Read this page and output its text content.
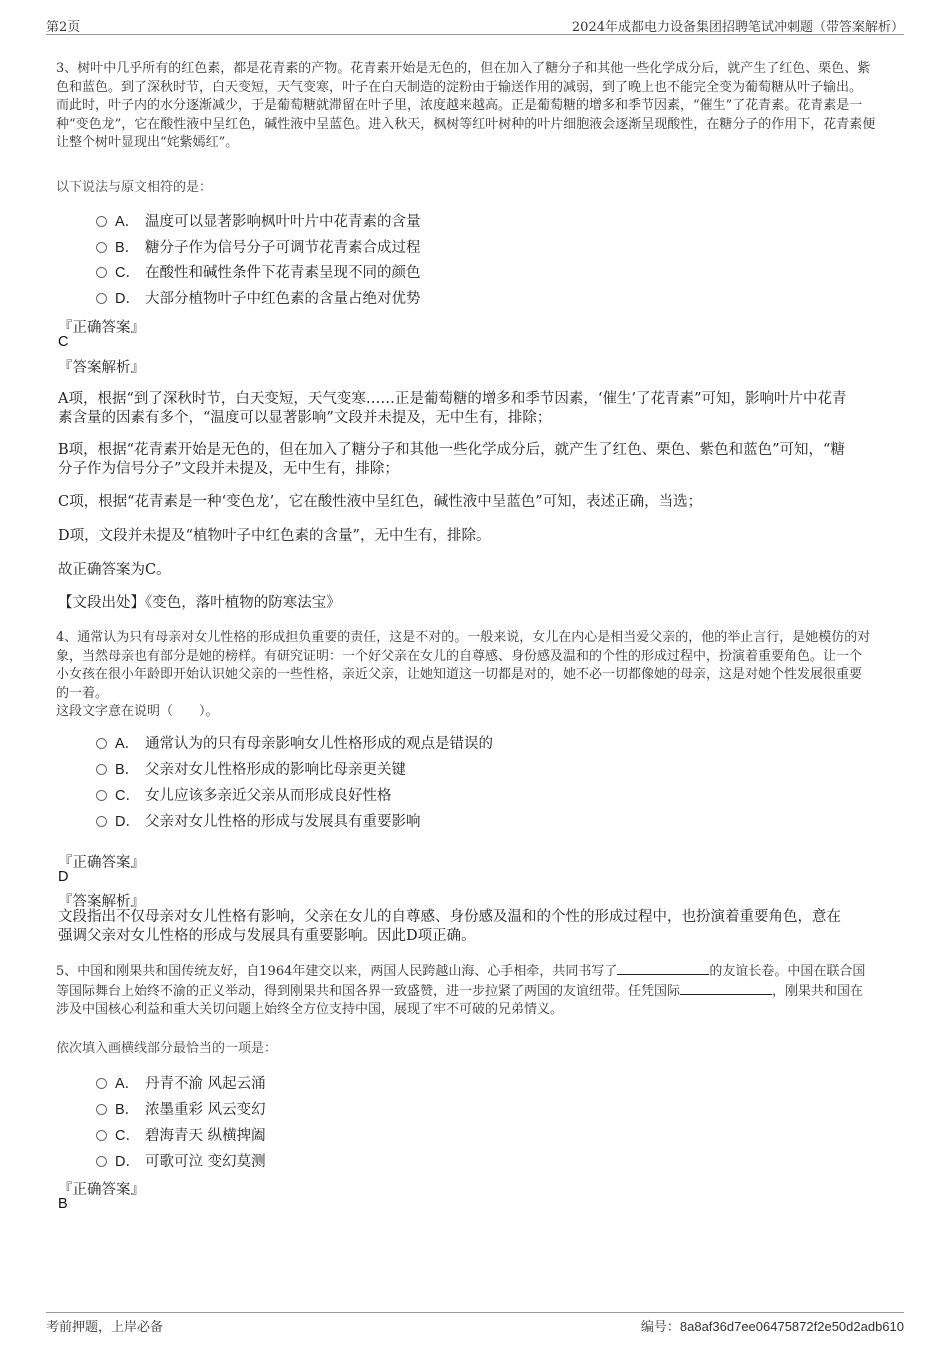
第2页	2024年成都电力设备集团招聘笔试冲刺题（带答案解析）
3、树叶中几乎所有的红色素，都是花青素的产物。花青素开始是无色的，但在加入了糖分子和其他一些化学成分后，就产生了红色、栗色、紫
色和蓝色。到了深秋时节，白天变短，天气变寒，叶子在白天制造的淀粉由于输送作用的减弱，到了晚上也不能完全变为葡萄糖从叶子输出。
而此时，叶子内的水分逐渐减少，于是葡萄糖就滞留在叶子里，浓度越来越高。正是葡萄糖的增多和季节因素，“催生”了花青素。花青素是一
种“变色龙”，它在酸性液中呈红色，碱性液中呈蓝色。进入秋天，枫树等红叶树种的叶片细胞液会逐渐呈现酸性，在糖分子的作用下，花青素便
让整个树叶显现出“姹紫嫣红”。
以下说法与原文相符的是：
A． 温度可以显著影响枫叶叶片中花青素的含量
B． 糖分子作为信号分子可调节花青素合成过程
C． 在酸性和碱性条件下花青素呈现不同的颜色
D． 大部分植物叶子中红色素的含量占绝对优势
『正确答案』
C
『答案解析』
A项，根据“到了深秋时节，白天变短，天气变寒……正是葡萄糖的增多和季节因素，‘催生’了花青素”可知，影响叶片中花青
素含量的因素有多个，“温度可以显著影响”文段并未提及，无中生有，排除；
B项，根据“花青素开始是无色的，但在加入了糖分子和其他一些化学成分后，就产生了红色、栗色、紫色和蓝色”可知，“糖
分子作为信号分子”文段并未提及，无中生有，排除；
C项，根据“花青素是一种‘变色龙’，它在酸性液中呈红色，碱性液中呈蓝色”可知，表述正确，当选；
D项，文段并未提及“植物叶子中红色素的含量”，无中生有，排除。
故正确答案为C。
【文段出处】《变色，落叶植物的防寒法宝》
4、通常认为只有母亲对女儿性格的形成担负重要的责任，这是不对的。一般来说，女儿在内心是相当爱父亲的，他的举止言行，是她模仿的对
象，当然母亲也有部分是她的榜样。有研究证明：一个好父亲在女儿的自尊感、身份感及温和的个性的形成过程中，扮演着重要角色。让一个
小女孩在很小年龄即开始认识她父亲的一些性格，亲近父亲，让她知道这一切都是对的，她不必一切都像她的母亲，这是对她个性发展很重要
的一着。
这段文字意在说明（　　）。
A． 通常认为的只有母亲影响女儿性格形成的观点是错误的
B． 父亲对女儿性格形成的影响比母亲更关键
C． 女儿应该多亲近父亲从而形成良好性格
D． 父亲对女儿性格的形成与发展具有重要影响
『正确答案』
D
『答案解析』
文段指出不仅母亲对女儿性格有影响，父亲在女儿的自尊感、身份感及温和的个性的形成过程中，也扮演着重要角色，意在
强调父亲对女儿性格的形成与发展具有重要影响。因此D项正确。
5、中国和刚果共和国传统友好，自1964年建交以来，两国人民跨越山海、心手相牵，共同书写了	的友谊长卷。中国在联合国
等国际舞台上始终不渝的正义举动，得到刚果共和国各界一致盛赞，进一步拉紧了两国的友谊纽带。任凭国际	，刚果共和国在
涉及中国核心利益和重大关切问题上始终全方位支持中国，展现了牢不可破的兄弟情义。
依次填入画横线部分最恰当的一项是：
A． 丹青不渝 风起云涌
B． 浓墨重彩 风云变幻
C． 碧海青天 纵横捭阖
D． 可歌可泣 变幻莫测
『正确答案』
B
考前押题，上岸必备	编号：8a8af36d7ee06475872f2e50d2adb610
